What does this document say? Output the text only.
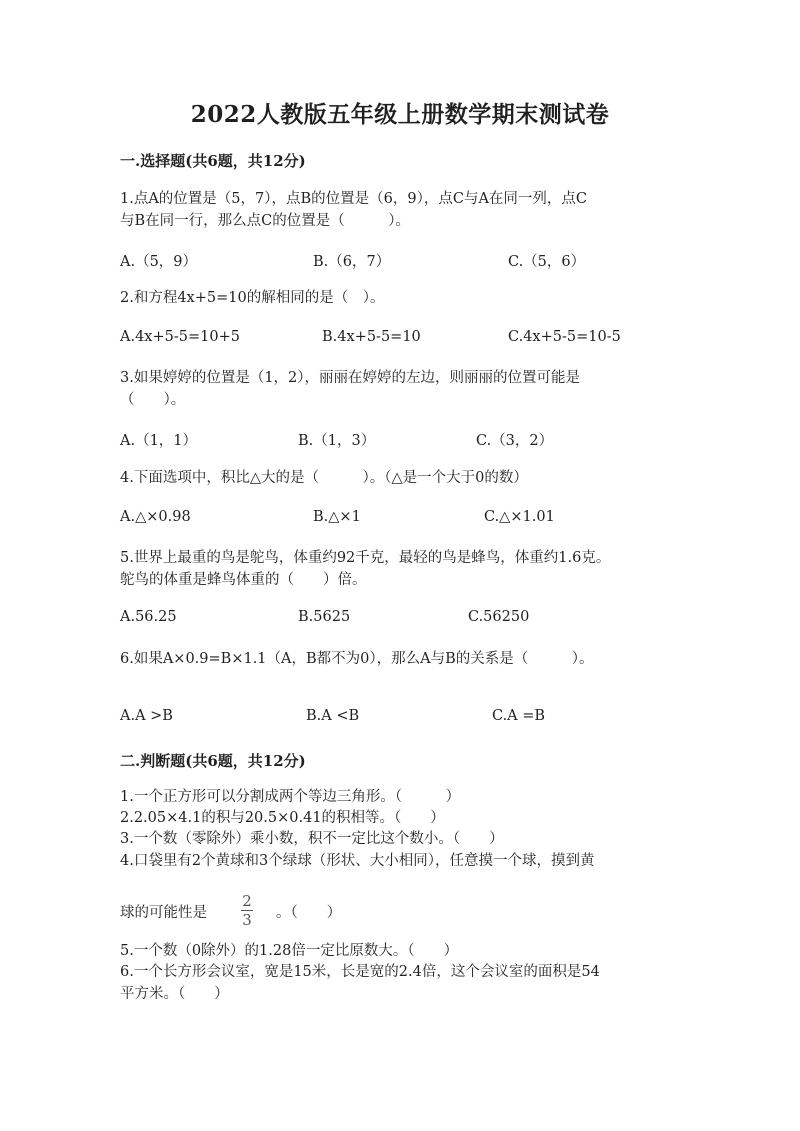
2022人教版五年级上册数学期末测试卷
一.选择题(共6题，共12分)
1.点A的位置是（5，7），点B的位置是（6，9），点C与A在同一列，点C
与B在同一行，那么点C的位置是（　　　）。
A.（5，9）	B.（6，7）	C.（5，6）
2.和方程4x+5=10的解相同的是（　）。
A.4x+5-5=10+5	B.4x+5-5=10	C.4x+5-5=10-5
3.如果婷婷的位置是（1，2），丽丽在婷婷的左边，则丽丽的位置可能是
（　　）。
A.（1，1）	B.（1，3）	C.（3，2）
4.下面选项中，积比△大的是（　　　）。（△是一个大于0的数）
A.△×0.98	B.△×1	C.△×1.01
5.世界上最重的鸟是鸵鸟，体重约92千克，最轻的鸟是蜂鸟，体重约1.6克。
鸵鸟的体重是蜂鸟体重的（　　）倍。
A.56.25	B.5625	C.56250
6.如果A×0.9=B×1.1（A，B都不为0），那么A与B的关系是（　　　）。
A.A >B	B.A <B	C.A =B
二.判断题(共6题，共12分)
1.一个正方形可以分割成两个等边三角形。（　　　）
2.2.05×4.1的积与20.5×0.41的积相等。（　　）
3.一个数（零除外）乘小数，积不一定比这个数小。（　　）
4.口袋里有2个黄球和3个绿球（形状、大小相同），任意摸一个球，摸到黄
球的可能性是
2
3 。（　　）
5.一个数（0除外）的1.28倍一定比原数大。（　　）
6.一个长方形会议室，宽是15米，长是宽的2.4倍，这个会议室的面积是54
平方米。（　　）
